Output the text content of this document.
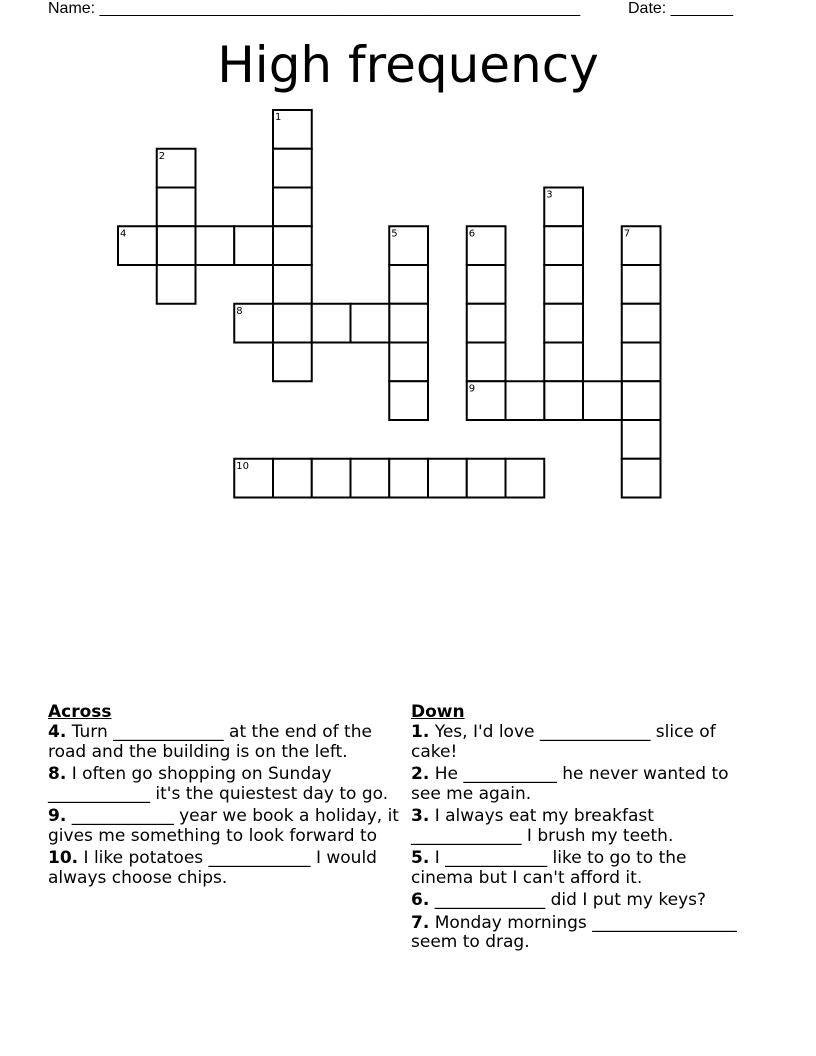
Name: ______________________________________________________	Date: _______
High frequency
1
2
3
4	5	6	7
8
9
10
Across
4. Turn _____________ at the end of the road and the building is on the left.
8. I often go shopping on Sunday ____________ it's the quiestest day to go.
9. ____________ year we book a holiday, it gives me something to look forward to
10. I like potatoes ____________ I would always choose chips.
Down
1. Yes, I'd love _____________ slice of cake!
2. He ___________ he never wanted to see me again.
3. I always eat my breakfast _____________ I brush my teeth.
5. I ____________ like to go to the cinema but I can't afford it.
6. _____________ did I put my keys?
7. Monday mornings _________________ seem to drag.
